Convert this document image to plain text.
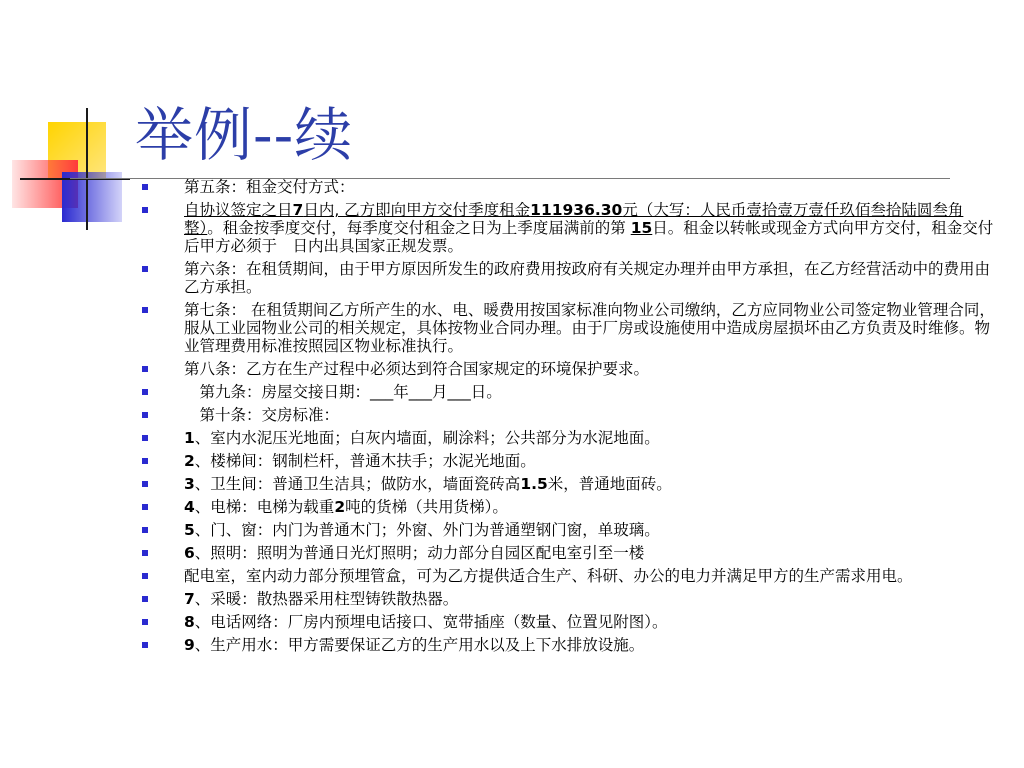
举例--续
第五条：租金交付方式：
自协议签定之日7日内, 乙方即向甲方交付季度租金111936.30元（大写：人民币壹拾壹万壹仟玖佰叁拾陆圆叁角整）。租金按季度交付，每季度交付租金之日为上季度届满前的第 15日。租金以转帐或现金方式向甲方交付，租金交付后甲方必须于　日内出具国家正规发票。
第六条：在租赁期间，由于甲方原因所发生的政府费用按政府有关规定办理并由甲方承担，在乙方经营活动中的费用由乙方承担。
第七条： 在租赁期间乙方所产生的水、电、暖费用按国家标准向物业公司缴纳，乙方应同物业公司签定物业管理合同，服从工业园物业公司的相关规定，具体按物业合同办理。由于厂房或设施使用中造成房屋损坏由乙方负责及时维修。物业管理费用标准按照园区物业标准执行。
第八条：乙方在生产过程中必须达到符合国家规定的环境保护要求。
　第九条：房屋交接日期：___年___月___日。
　第十条：交房标准：
1、室内水泥压光地面；白灰内墙面，刷涂料；公共部分为水泥地面。
2、楼梯间：钢制栏杆，普通木扶手；水泥光地面。
3、卫生间：普通卫生洁具；做防水，墙面瓷砖高1.5米，普通地面砖。
4、电梯：电梯为载重2吨的货梯（共用货梯）。
5、门、窗：内门为普通木门；外窗、外门为普通塑钢门窗，单玻璃。
6、照明：照明为普通日光灯照明；动力部分自园区配电室引至一楼
配电室，室内动力部分预埋管盒，可为乙方提供适合生产、科研、办公的电力并满足甲方的生产需求用电。
7、采暖：散热器采用柱型铸铁散热器。
8、电话网络：厂房内预埋电话接口、宽带插座（数量、位置见附图）。
9、生产用水：甲方需要保证乙方的生产用水以及上下水排放设施。
